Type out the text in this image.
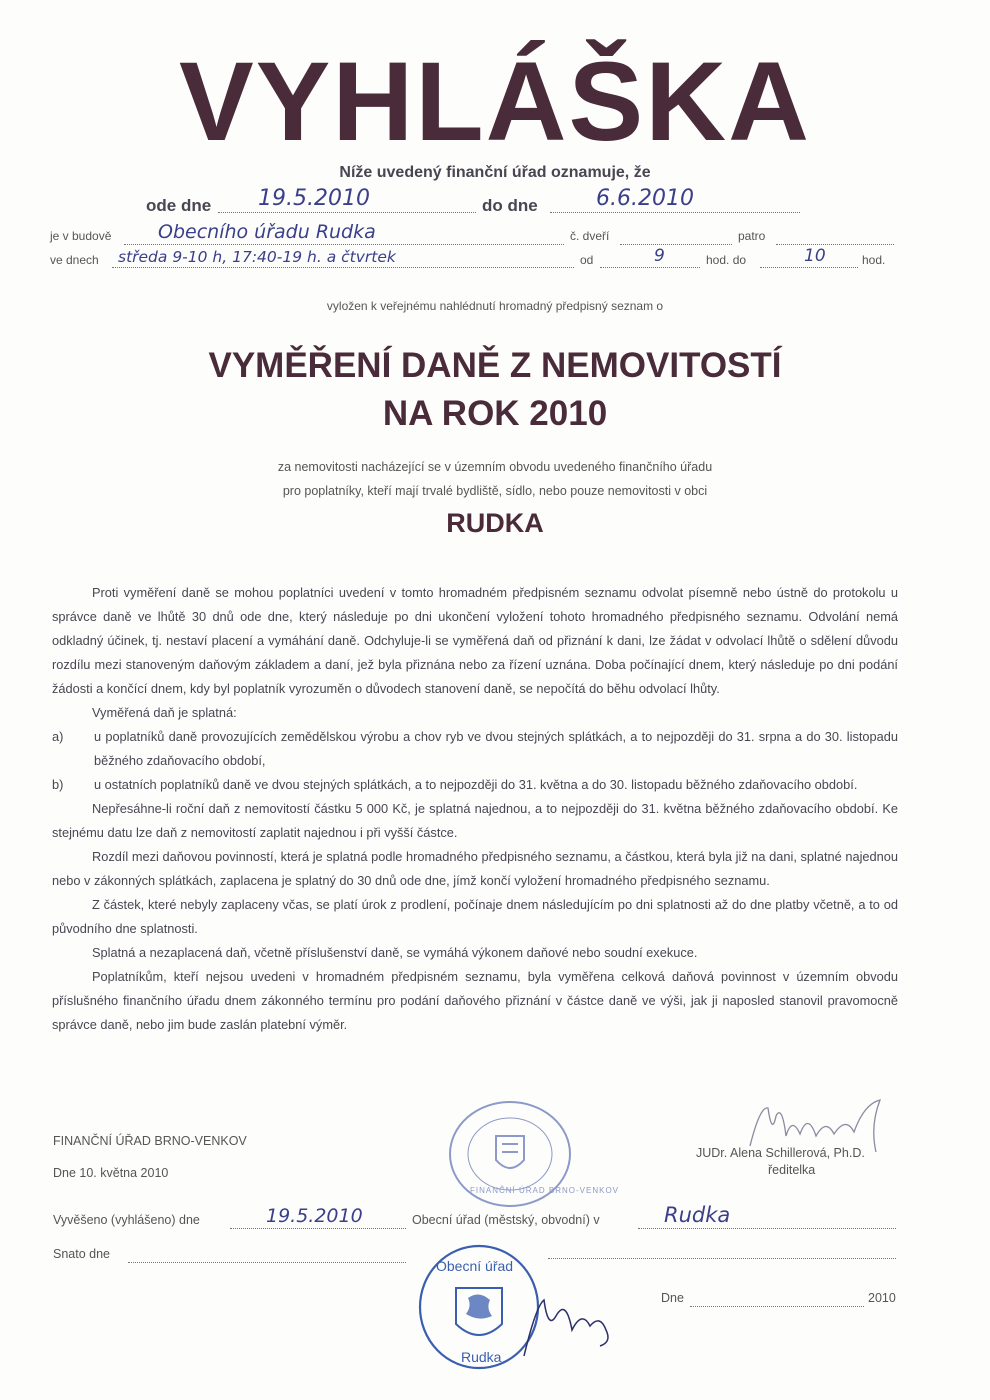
VYHLÁŠKA
Níže uvedený finanční úřad oznamuje, že
ode dne 19.5.2010	do dne	6.6.2010
je v budově Obecního úřadu Rudka	č. dveří	patro
ve dnech středa 9-10 h, 17:40-19 h. a čtvrtek	od	9	hod. do	10	hod.
vyložen k veřejnému nahlédnutí hromadný předpisný seznam o
VYMĚŘENÍ DANĚ Z NEMOVITOSTÍ
NA ROK 2010
za nemovitosti nacházející se v územním obvodu uvedeného finančního úřadu
pro poplatníky, kteří mají trvalé bydliště, sídlo, nebo pouze nemovitosti v obci
RUDKA

Proti vyměření daně se mohou poplatníci uvedení v tomto hromadném předpisném seznamu odvolat písemně nebo ústně do protokolu u správce daně ve lhůtě 30 dnů ode dne, který následuje po dni ukončení vyložení tohoto hromadného předpisného seznamu. Odvolání nemá odkladný účinek, tj. nestaví placení a vymáhání daně. Odchyluje-li se vyměřená daň od přiznání k dani, lze žádat v odvolací lhůtě o sdělení důvodu rozdílu mezi stanoveným daňovým základem a daní, jež byla přiznána nebo za řízení uznána. Doba počínající dnem, který následuje po dni podání žádosti a končící dnem, kdy byl poplatník vyrozuměn o důvodech stanovení daně, se nepočítá do běhu odvolací lhůty.

Vyměřená daň je splatná:

a) u poplatníků daně provozujících zemědělskou výrobu a chov ryb ve dvou stejných splátkách, a to nejpozději do 31. srpna a do 30. listopadu běžného zdaňovacího období,

b) u ostatních poplatníků daně ve dvou stejných splátkách, a to nejpozději do 31. května a do 30. listopadu běžného zdaňovacího období.

Nepřesáhne-li roční daň z nemovitostí částku 5 000 Kč, je splatná najednou, a to nejpozději do 31. května běžného zdaňovacího období. Ke stejnému datu lze daň z nemovitostí zaplatit najednou i při vyšší částce.

Rozdíl mezi daňovou povinností, která je splatná podle hromadného předpisného seznamu, a částkou, která byla již na dani, splatné najednou nebo v zákonných splátkách, zaplacena je splatný do 30 dnů ode dne, jímž končí vyložení hromadného předpisného seznamu.

Z částek, které nebyly zaplaceny včas, se platí úrok z prodlení, počínaje dnem následujícím po dni splatnosti až do dne platby včetně, a to od původního dne splatnosti.

Splatná a nezaplacená daň, včetně příslušenství daně, se vymáhá výkonem daňové nebo soudní exekuce.

Poplatníkům, kteří nejsou uvedeni v hromadném předpisném seznamu, byla vyměřena celková daňová povinnost v územním obvodu příslušného finančního úřadu dnem zákonného termínu pro podání daňového přiznání v částce daně ve výši, jak ji naposled stanovil pravomocně správce daně, nebo jim bude zaslán platební výměr.

FINANČNÍ ÚŘAD BRNO-VENKOV
Dne 10. května 2010
FINANČNÍ ÚŘAD BRNO-VENKOV
JUDr. Alena Schillerová, Ph.D.
ředitelka
Vyvěšeno (vyhlášeno) dne	19.5.2010	Obecní úřad (městský, obvodní) v	Rudka
Snato dne
Obecní úřad
Rudka
Dne	2010
